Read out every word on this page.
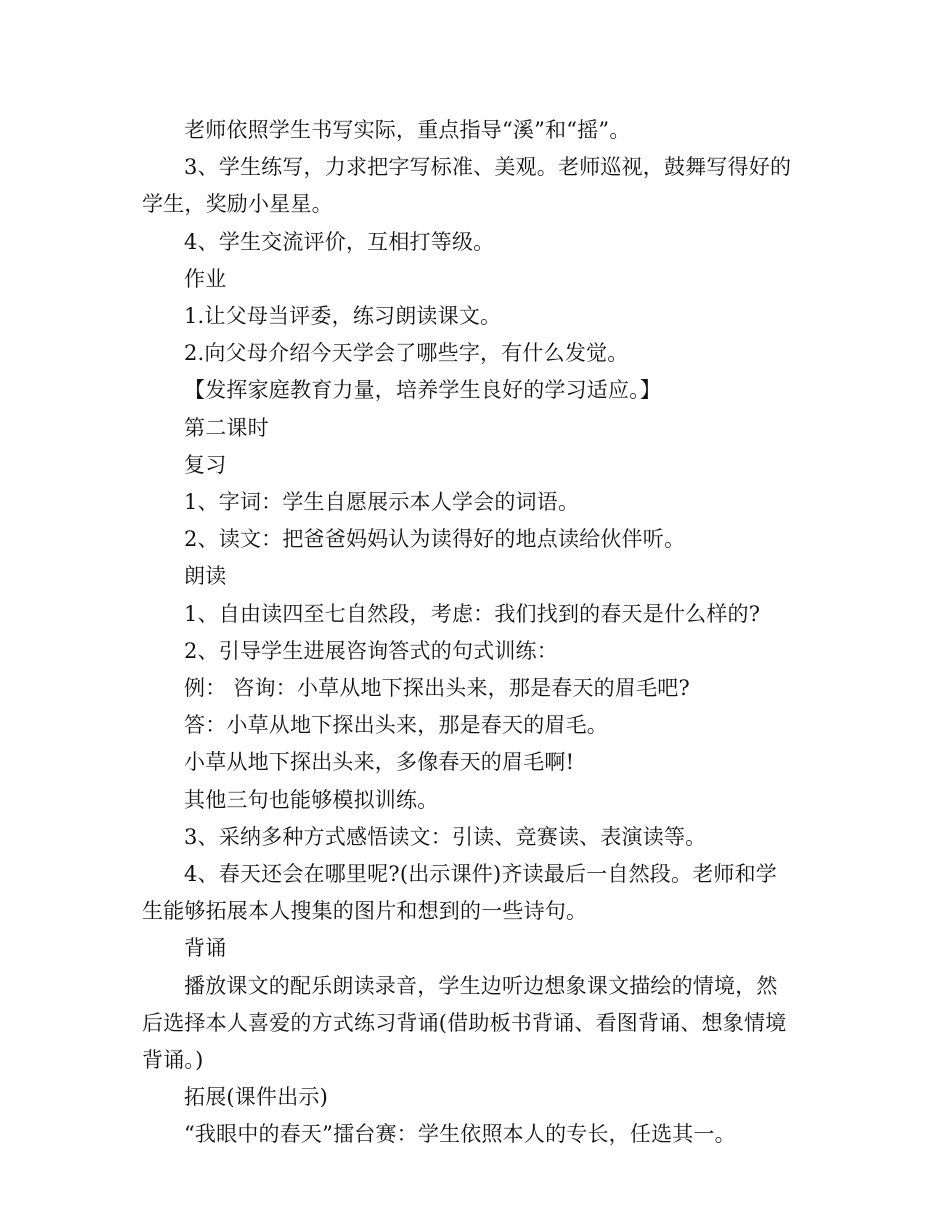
老师依照学生书写实际，重点指导“溪”和“摇”。
3、学生练写，力求把字写标准、美观。老师巡视，鼓舞写得好的
学生，奖励小星星。
4、学生交流评价，互相打等级。
作业
1.让父母当评委，练习朗读课文。
2.向父母介绍今天学会了哪些字，有什么发觉。
【发挥家庭教育力量，培养学生良好的学习适应。】
第二课时
复习
1、字词：学生自愿展示本人学会的词语。
2、读文：把爸爸妈妈认为读得好的地点读给伙伴听。
朗读
1、自由读四至七自然段，考虑：我们找到的春天是什么样的?
2、引导学生进展咨询答式的句式训练：
例： 咨询：小草从地下探出头来，那是春天的眉毛吧?
答：小草从地下探出头来，那是春天的眉毛。
小草从地下探出头来，多像春天的眉毛啊!
其他三句也能够模拟训练。
3、采纳多种方式感悟读文：引读、竞赛读、表演读等。
4、春天还会在哪里呢?(出示课件)齐读最后一自然段。老师和学
生能够拓展本人搜集的图片和想到的一些诗句。
背诵
播放课文的配乐朗读录音，学生边听边想象课文描绘的情境，然
后选择本人喜爱的方式练习背诵(借助板书背诵、看图背诵、想象情境
背诵。)
拓展(课件出示)
“我眼中的春天”擂台赛：学生依照本人的专长，任选其一。
